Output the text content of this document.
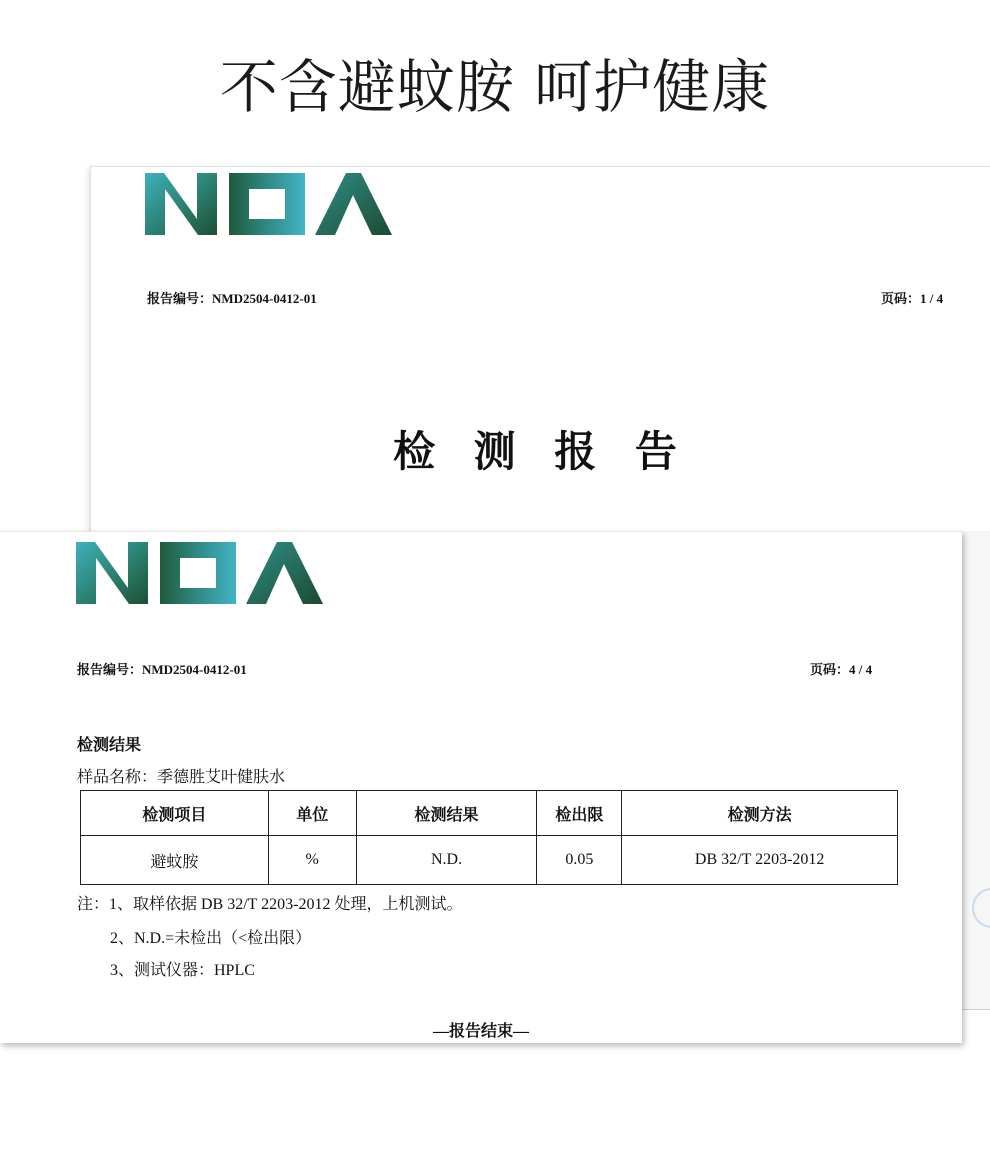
不含避蚊胺 呵护健康
报告编号：NMD2504-0412-01	页码：1 / 4
检 测 报 告
报告编号：NMD2504-0412-01	页码：4 / 4
检测结果
样品名称：季德胜艾叶健肤水
检测项目	单位	检测结果	检出限	检测方法
避蚊胺	%	N.D.	0.05	DB 32/T 2203-2012
注：1、取样依据 DB 32/T 2203-2012 处理，上机测试。
2、N.D.=未检出（<检出限）
3、测试仪器：HPLC
—报告结束—
